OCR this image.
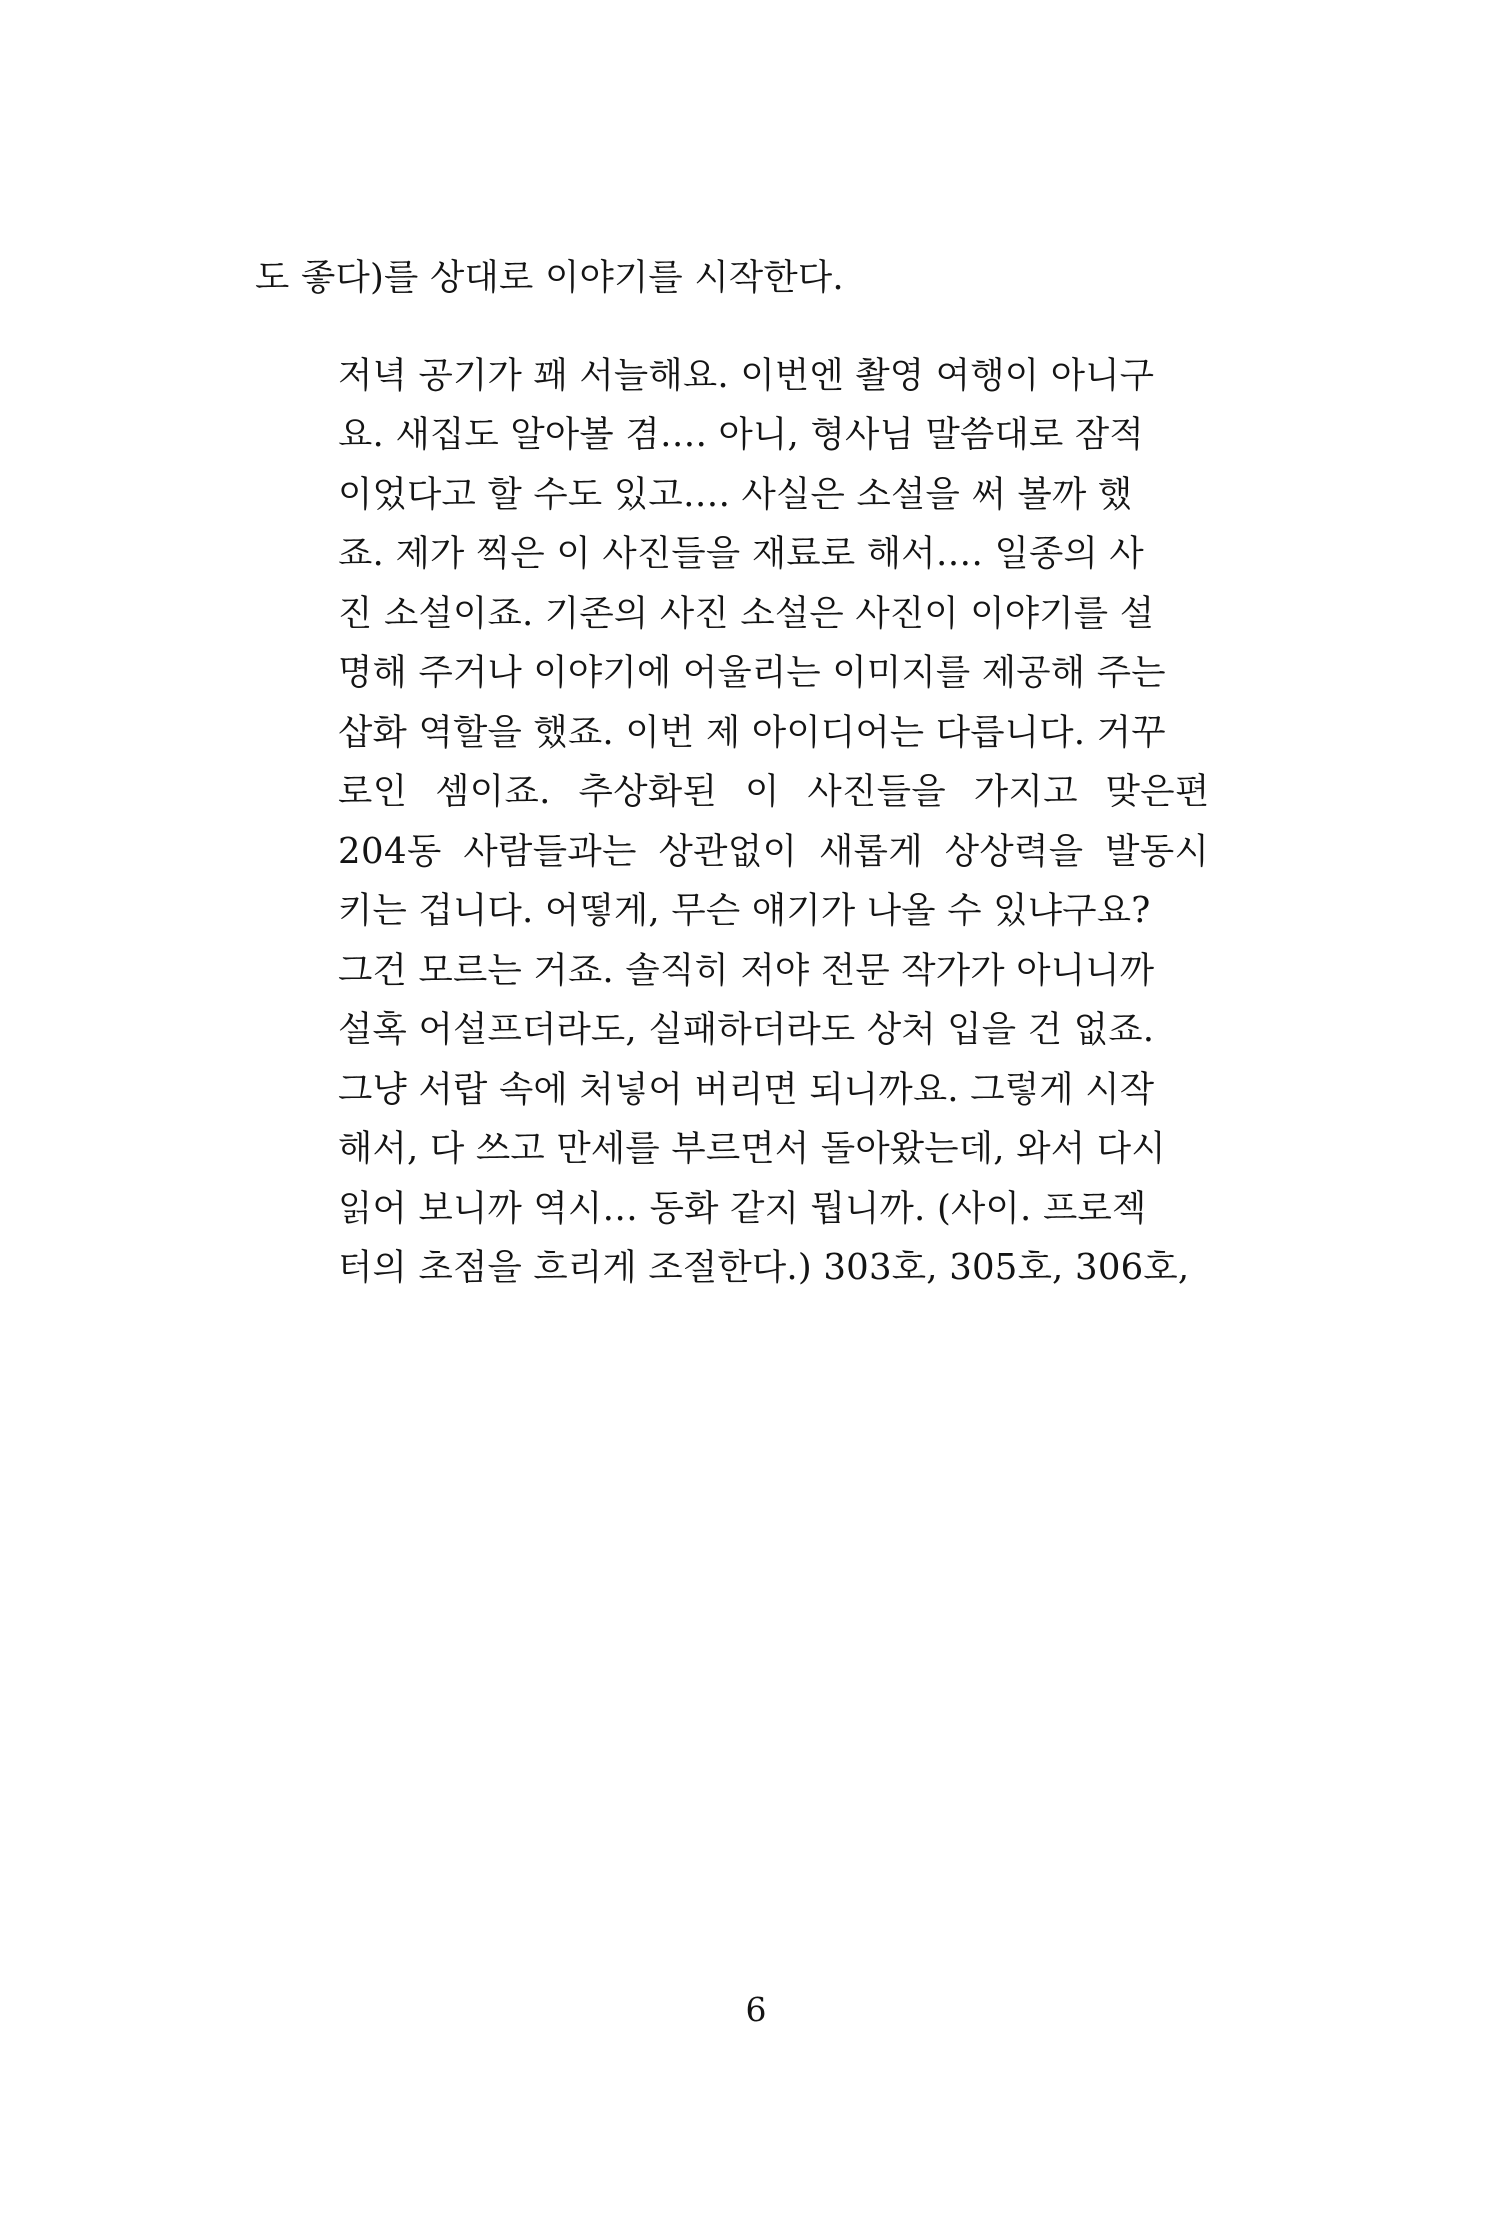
도 좋다)를 상대로 이야기를 시작한다.
저녁 공기가 꽤 서늘해요. 이번엔 촬영 여행이 아니구
요. 새집도 알아볼 겸…. 아니, 형사님 말씀대로 잠적
이었다고 할 수도 있고…. 사실은 소설을 써 볼까 했
죠. 제가 찍은 이 사진들을 재료로 해서…. 일종의 사
진 소설이죠. 기존의 사진 소설은 사진이 이야기를 설
명해 주거나 이야기에 어울리는 이미지를 제공해 주는
삽화 역할을 했죠. 이번 제 아이디어는 다릅니다. 거꾸
로인 셈이죠. 추상화된 이 사진들을 가지고 맞은편
204동 사람들과는 상관없이 새롭게 상상력을 발동시
키는 겁니다. 어떻게, 무슨 얘기가 나올 수 있냐구요?
그건 모르는 거죠. 솔직히 저야 전문 작가가 아니니까
설혹 어설프더라도, 실패하더라도 상처 입을 건 없죠.
그냥 서랍 속에 처넣어 버리면 되니까요. 그렇게 시작
해서, 다 쓰고 만세를 부르면서 돌아왔는데, 와서 다시
읽어 보니까 역시… 동화 같지 뭡니까. (사이. 프로젝
터의 초점을 흐리게 조절한다.) 303호, 305호, 306호,
6
